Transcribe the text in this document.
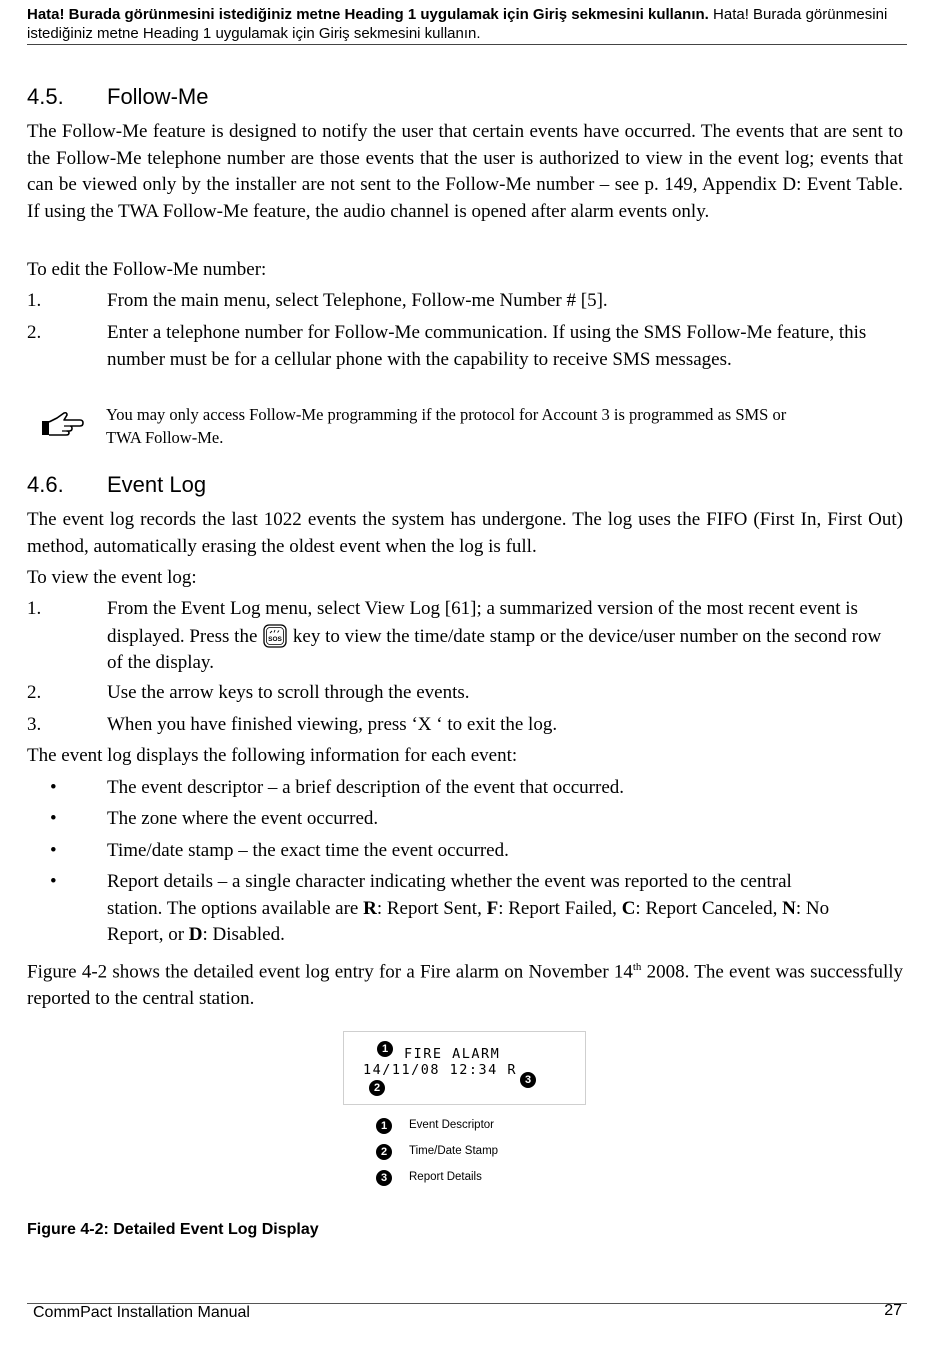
Hata! Burada görünmesini istediğiniz metne Heading 1 uygulamak için Giriş sekmesini kullanın. Hata! Burada görünmesini istediğiniz metne Heading 1 uygulamak için Giriş sekmesini kullanın.
4.5. Follow-Me
The Follow-Me feature is designed to notify the user that certain events have occurred. The events that are sent to the Follow-Me telephone number are those events that the user is authorized to view in the event log; events that can be viewed only by the installer are not sent to the Follow-Me number – see p. 149, Appendix D: Event Table. If using the TWA Follow-Me feature, the audio channel is opened after alarm events only.
To edit the Follow-Me number:
1.	From the main menu, select Telephone, Follow-me Number # [5].
2.	Enter a telephone number for Follow-Me communication. If using the SMS Follow-Me feature, this number must be for a cellular phone with the capability to receive SMS messages.
You may only access Follow-Me programming if the protocol for Account 3 is programmed as SMS or TWA Follow-Me.
4.6. Event Log
The event log records the last 1022 events the system has undergone. The log uses the FIFO (First In, First Out) method, automatically erasing the oldest event when the log is full.
To view the event log:
1.	From the Event Log menu, select View Log [61]; a summarized version of the most recent event is displayed. Press the SOS key to view the time/date stamp or the device/user number on the second row of the display.
2.	Use the arrow keys to scroll through the events.
3.	When you have finished viewing, press ‘X ‘ to exit the log.
The event log displays the following information for each event:
•	The event descriptor – a brief description of the event that occurred.
•	The zone where the event occurred.
•	Time/date stamp – the exact time the event occurred.
•	Report details – a single character indicating whether the event was reported to the central station. The options available are R: Report Sent, F: Report Failed, C: Report Canceled, N: No Report, or D: Disabled.
Figure 4-2 shows the detailed event log entry for a Fire alarm on November 14th 2008. The event was successfully reported to the central station.
1	FIRE ALARM
14/11/08 12:34 R
3
2
1 Event Descriptor
2 Time/Date Stamp
3 Report Details
Figure 4-2: Detailed Event Log Display
CommPact Installation Manual	27
